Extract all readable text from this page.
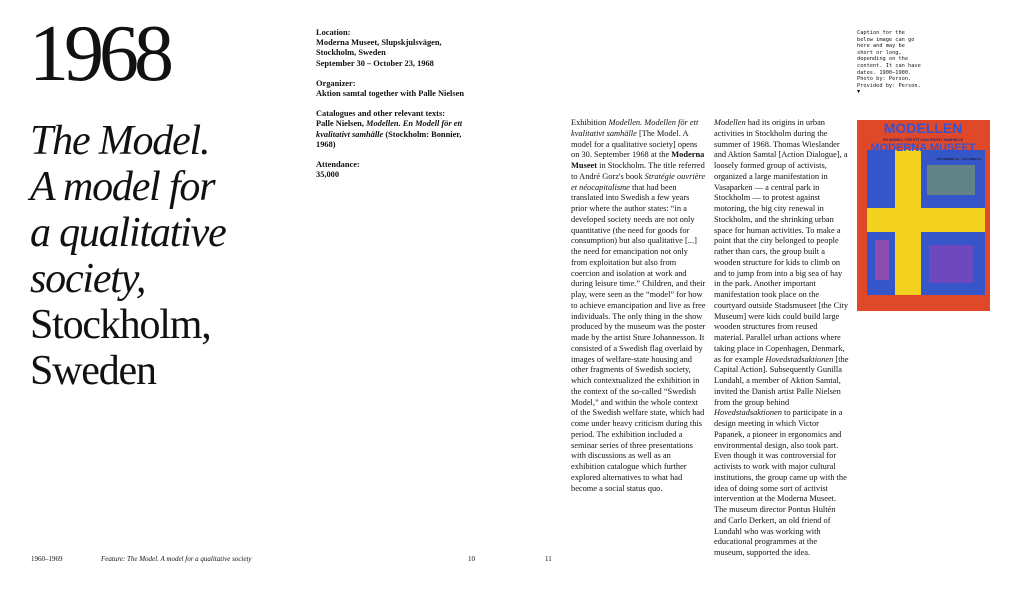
1968
The Model.
A model for
a qualitative
society,
Stockholm,
Sweden
Location:
Moderna Museet, Slupskjulsvägen,
Stockholm, Sweden
September 30 – October 23, 1968
Organizer:
Aktion samtal together with Palle Nielsen
Catalogues and other relevant texts:
Palle Nielsen, Modellen. En Modell för ett kvalitativt samhälle (Stockholm: Bonnier, 1968)
Attendance:
35,000

Exhibition Modellen. Modellen för ett kvalitativt samhälle [The Model. A model for a qualitative society] opens on 30. September 1968 at the Moderna Museet in Stockholm. The title referred to André Gorz's book Stratégie ouvrière et néocapitalisme that had been translated into Swedish a few years prior where the author states: “in a developed society needs are not only quantitative (the need for goods for consumption) but also qualitative [...] the need for emancipation not only from exploitation but also from coercion and isolation at work and during leisure time.” Children, and their play, were seen as the “model” for how to achieve emancipation and live as free individuals. The only thing in the show produced by the museum was the poster made by the artist Sture Johannesson. It consisted of a Swedish flag overlaid by images of welfare-state housing and other fragments of Swedish society, which contextualized the exhibition in the context of the so-called “Swedish Model,” and within the whole context of the Swedish welfare state, which had come under heavy criticism during this period. The exhibition included a seminar series of three presentations with discussions as well as an exhibition catalogue which further explored alternatives to what had become a social status quo.

Modellen had its origins in urban activities in Stockholm during the summer of 1968. Thomas Wieslander and Aktion Samtal [Action Dialogue], a loosely formed group of activists, organized a large manifestation in Vasaparken — a central park in Stockholm — to protest against motoring, the big city renewal in Stockholm, and the shrinking urban space for human activities. To make a point that the city belonged to people rather than cars, the group built a wooden structure for kids to climb on and to jump from into a big sea of hay in the park. Another important manifestation took place on the courtyard outside Stadsmuseet [the City Museum] were kids could build large wooden structures from reused material. Parallel urban actions where taking place in Copenhagen, Denmark, as for example Hovedstadsaktionen [the Capital Action]. Subsequently Gunilla Lundahl, a member of Aktion Samtal, invited the Danish artist Palle Nielsen from the group behind Hovedstadsaktionen to participate in a design meeting in which Victor Papanek, a pioneer in ergonomics and environmental design, also took part. Even though it was controversial for activists to work with major cultural institutions, the group came up with the idea of doing some sort of activist intervention at the Moderna Museet. The museum director Pontus Hultén and Carlo Derkert, an old friend of Lundahl who was working with educational programmes at the museum, supported the idea.

Caption for the below image can go here and may be short or long, depending on the content. It can have dates. 1900–1900. Photo by: Person. Provided by: Person. ▼
MODELLEN
EN MODELL FÖR ETT KVALITATIVT SAMHÄLLE
MODERNA MUSEET
SEPTEMBER 30 – OKTOBER 23
1960–1969	Feature: The Model. A model for a qualitative society	10	11
